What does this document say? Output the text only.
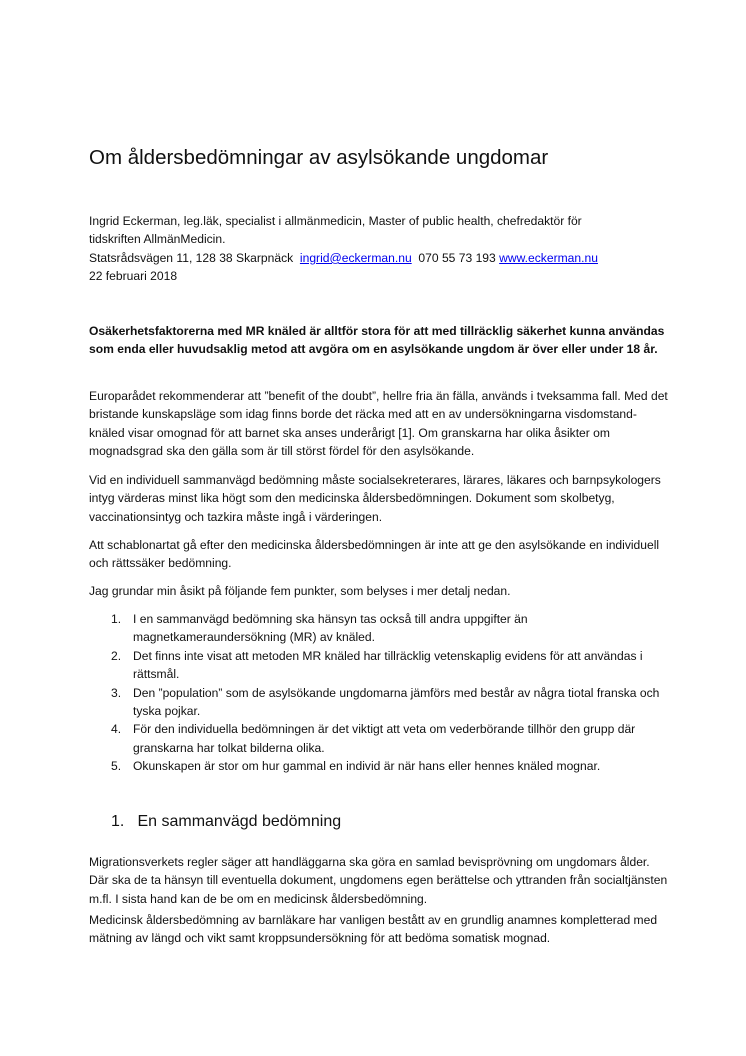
Om åldersbedömningar av asylsökande ungdomar
Ingrid Eckerman, leg.läk, specialist i allmänmedicin, Master of public health, chefredaktör för
tidskriften AllmänMedicin.
Statsrådsvägen 11, 128 38 Skarpnäck ingrid@eckerman.nu 070 55 73 193 www.eckerman.nu
22 februari 2018

Osäkerhetsfaktorerna med MR knäled är alltför stora för att med tillräcklig säkerhet kunna användas som enda eller huvudsaklig metod att avgöra om en asylsökande ungdom är över eller under 18 år.

Europarådet rekommenderar att ”benefit of the doubt”, hellre fria än fälla, används i tveksamma fall. Med det bristande kunskapsläge som idag finns borde det räcka med att en av undersökningarna visdomstand-knäled visar omognad för att barnet ska anses underårigt [1]. Om granskarna har olika åsikter om mognadsgrad ska den gälla som är till störst fördel för den asylsökande.

Vid en individuell sammanvägd bedömning måste socialsekreterares, lärares, läkares och barnpsykologers intyg värderas minst lika högt som den medicinska åldersbedömningen. Dokument som skolbetyg, vaccinationsintyg och tazkira måste ingå i värderingen.

Att schablonartat gå efter den medicinska åldersbedömningen är inte att ge den asylsökande en individuell och rättssäker bedömning.

Jag grundar min åsikt på följande fem punkter, som belyses i mer detalj nedan.

1. I en sammanvägd bedömning ska hänsyn tas också till andra uppgifter än magnetkameraundersökning (MR) av knäled.
2. Det finns inte visat att metoden MR knäled har tillräcklig vetenskaplig evidens för att användas i rättsmål.
3. Den ”population” som de asylsökande ungdomarna jämförs med består av några tiotal franska och tyska pojkar.
4. För den individuella bedömningen är det viktigt att veta om vederbörande tillhör den grupp där granskarna har tolkat bilderna olika.
5. Okunskapen är stor om hur gammal en individ är när hans eller hennes knäled mognar.
1. En sammanvägd bedömning

Migrationsverkets regler säger att handläggarna ska göra en samlad bevisprövning om ungdomars ålder. Där ska de ta hänsyn till eventuella dokument, ungdomens egen berättelse och yttranden från socialtjänsten m.fl. I sista hand kan de be om en medicinsk åldersbedömning.

Medicinsk åldersbedömning av barnläkare har vanligen bestått av en grundlig anamnes kompletterad med mätning av längd och vikt samt kroppsundersökning för att bedöma somatisk mognad.
